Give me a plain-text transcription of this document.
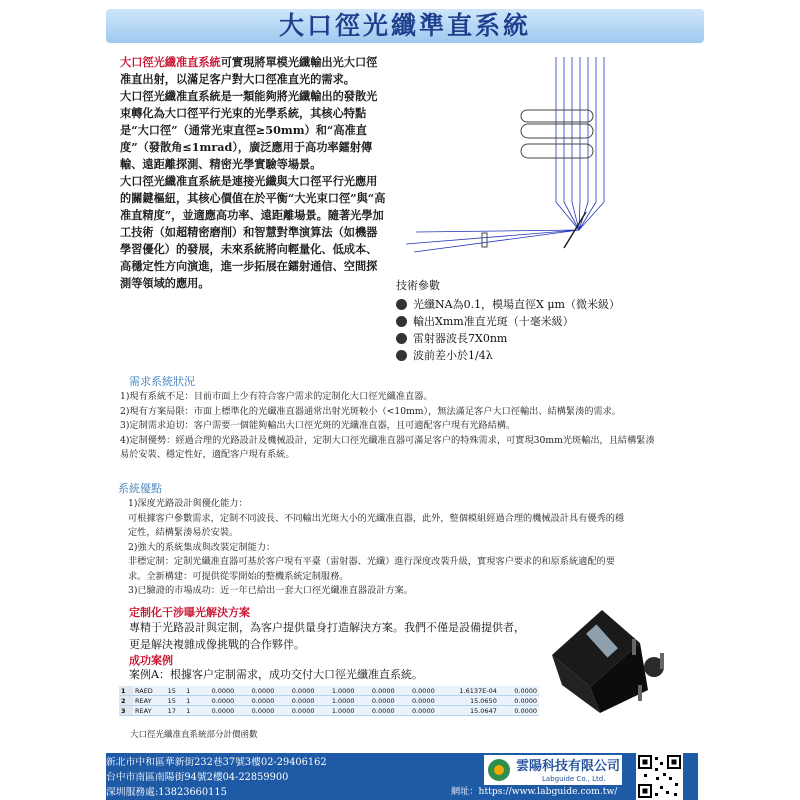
大口徑光纖準直系統

大口徑光纖准直系統可實現將單模光纖輸出光大口徑准直出射，以滿足客户對大口徑准直光的需求。

大口徑光纖准直系統是一類能夠將光纖輸出的發散光束轉化為大口徑平行光束的光學系統，其核心特點是“大口徑”（通常光束直徑≥50mm）和“高准直度”（發散角≤1mrad），廣泛應用于高功率鐳射傳輸、遠距離探測、精密光學實驗等場景。

大口徑光纖准直系統是連接光纖與大口徑平行光應用的關鍵樞紐，其核心價值在於平衡“大光束口徑”與“高准直精度”，並適應高功率、遠距離場景。隨著光學加工技術（如超精密磨削）和智慧對準演算法（如機器學習優化）的發展，未來系統將向輕量化、低成本、高穩定性方向演進，進一步拓展在鐳射通信、空間探測等領域的應用。	技術參數
光纖NA為0.1，模場直徑X μm（微米級）
輸出Xmm准直光斑（十毫米級）
雷射器波長7X0nm
波前差小於1/4λ
需求系統狀況

1)現有系統不足：目前市面上少有符合客户需求的定制化大口徑光纖准直器。

2)現有方案局限：市面上標準化的光纖准直器通常出射光斑較小（<10mm），無法滿足客户大口徑輸出、結構緊湊的需求。

3)定制需求迫切：客户需要一個能夠輸出大口徑光斑的光纖准直器，且可適配客户現有光路結構。

4)定制優勢：經過合理的光路設計及機械設計，定制大口徑光纖准直器可滿足客户的特殊需求，可實現30mm光斑輸出，且結構緊湊易於安裝、穩定性好，適配客户現有系統。

系統優點

1)深度光路設計與優化能力：

可根據客户參數需求，定制不同波長、不同輸出光斑大小的光纖准直器，此外，整個模組經過合理的機械設計具有優秀的穩定性，結構緊湊易於安裝。

2)強大的系統集成與改裝定制能力：

非標定制：定制光纖准直器可基於客户現有平臺（雷射器、光纖）進行深度改裝升級，實現客户要求的和原系統適配的要求。全新構建：可提供從零開始的整機系統定制服務。

3)已驗證的市場成功：近一年已給出一套大口徑光纖准直器設計方案。

定制化干涉曝光解決方案
專精于光路設計與定制，為客户提供量身打造解決方案。我們不僅是設備提供者，更是解決複雜成像挑戰的合作夥伴。
成功案例
案例A：根據客户定制需求，成功交付大口徑光纖准直系統。
1	RAED	15	1	0.0000	0.0000	0.0000	1.0000	0.0000	0.0000	1.6137E-04	0.0000
2	REAY	15	1	0.0000	0.0000	0.0000	1.0000	0.0000	0.0000	15.0650	0.0000
3	REAY	17	1	0.0000	0.0000	0.0000	1.0000	0.0000	0.0000	15.0647	0.0000
大口徑光纖准直系統部分計價函數

新北市中和區華新街232巷37號3樓02-29406162

台中市南區南陽街94號2樓04-22859900

深圳服務處:13823660115

雲陽科技有限公司
Labguide Co., Ltd.
網址：https://www.labguide.com.tw/
